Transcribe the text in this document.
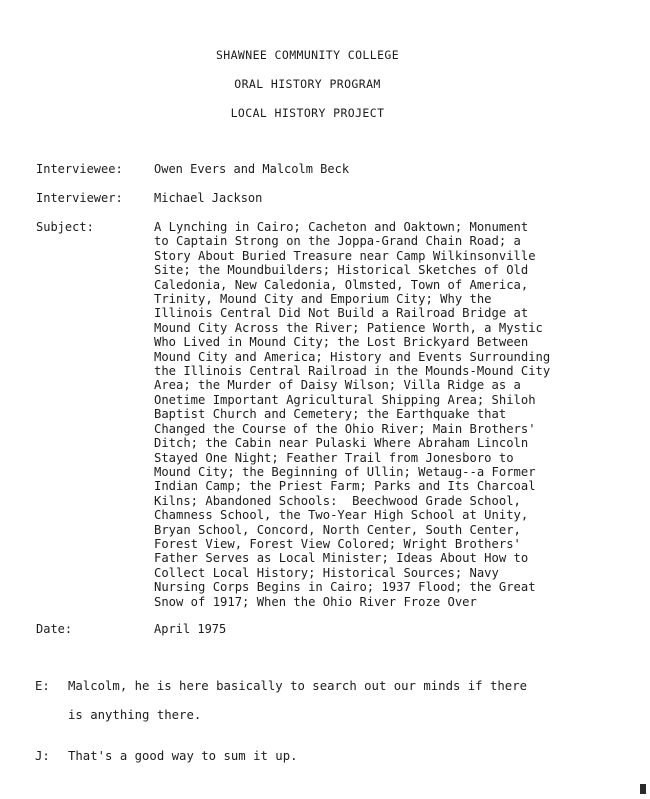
SHAWNEE COMMUNITY COLLEGE
ORAL HISTORY PROGRAM
LOCAL HISTORY PROJECT
Interviewee:	Owen Evers and Malcolm Beck
Interviewer:	Michael Jackson
Subject:	A Lynching in Cairo; Cacheton and Oaktown; Monument
to Captain Strong on the Joppa-Grand Chain Road; a
Story About Buried Treasure near Camp Wilkinsonville
Site; the Moundbuilders; Historical Sketches of Old
Caledonia, New Caledonia, Olmsted, Town of America,
Trinity, Mound City and Emporium City; Why the
Illinois Central Did Not Build a Railroad Bridge at
Mound City Across the River; Patience Worth, a Mystic
Who Lived in Mound City; the Lost Brickyard Between
Mound City and America; History and Events Surrounding
the Illinois Central Railroad in the Mounds-Mound City
Area; the Murder of Daisy Wilson; Villa Ridge as a
Onetime Important Agricultural Shipping Area; Shiloh
Baptist Church and Cemetery; the Earthquake that
Changed the Course of the Ohio River; Main Brothers'
Ditch; the Cabin near Pulaski Where Abraham Lincoln
Stayed One Night; Feather Trail from Jonesboro to
Mound City; the Beginning of Ullin; Wetaug--a Former
Indian Camp; the Priest Farm; Parks and Its Charcoal
Kilns; Abandoned Schools:  Beechwood Grade School,
Chamness School, the Two-Year High School at Unity,
Bryan School, Concord, North Center, South Center,
Forest View, Forest View Colored; Wright Brothers'
Father Serves as Local Minister; Ideas About How to
Collect Local History; Historical Sources; Navy
Nursing Corps Begins in Cairo; 1937 Flood; the Great
Snow of 1917; When the Ohio River Froze Over
Date:	April 1975
E: Malcolm, he is here basically to search out our minds if there
is anything there.
J: That's a good way to sum it up.
